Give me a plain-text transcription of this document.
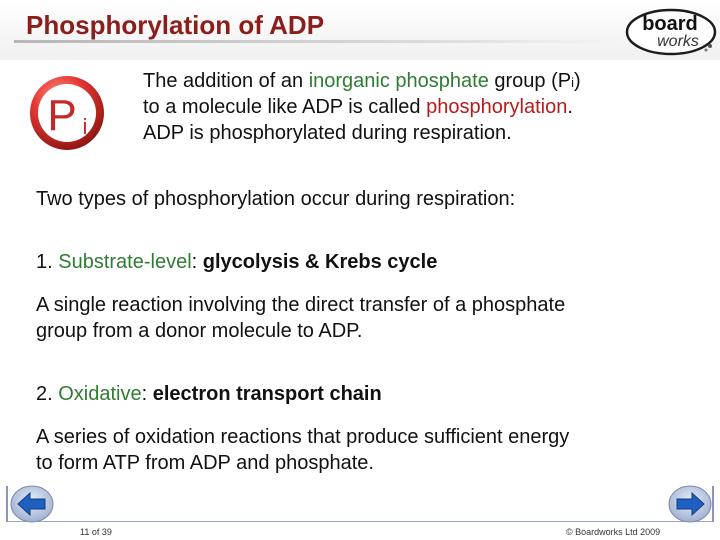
Phosphorylation of ADP	board
works
P i
The addition of an inorganic phosphate group (Pi)
to a molecule like ADP is called phosphorylation.
ADP is phosphorylated during respiration.
Two types of phosphorylation occur during respiration:
1. Substrate-level: glycolysis & Krebs cycle
A single reaction involving the direct transfer of a phosphate
group from a donor molecule to ADP.
2. Oxidative: electron transport chain
A series of oxidation reactions that produce sufficient energy
to form ATP from ADP and phosphate.
11 of 39	© Boardworks Ltd 2009
